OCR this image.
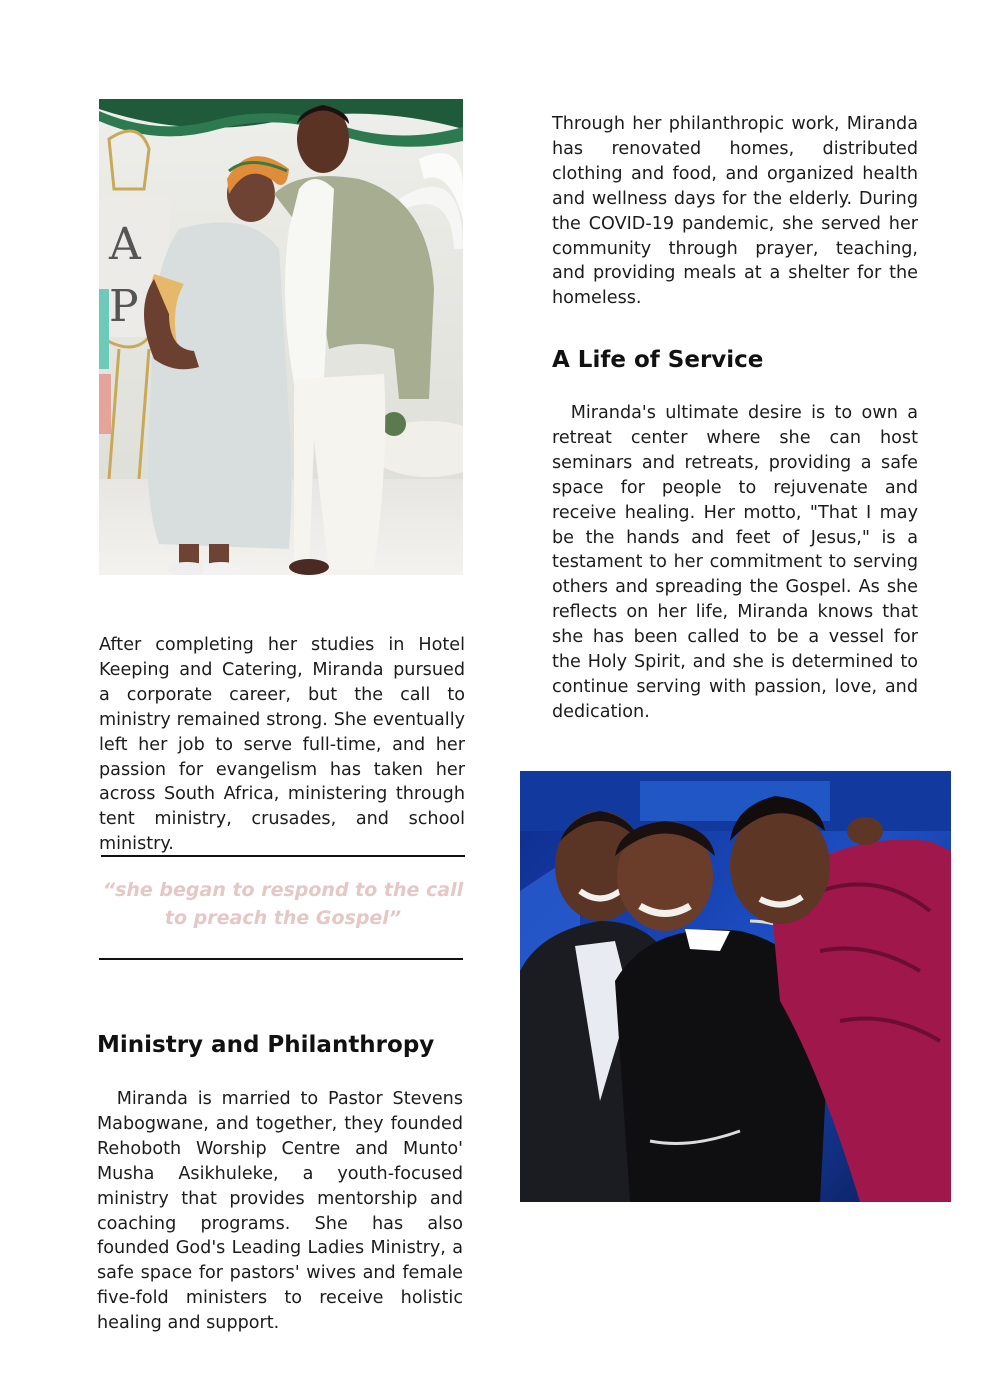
A
P

After completing her studies in Hotel Keeping and Catering, Miranda pursued a corporate career, but the call to ministry remained strong. She eventually left her job to serve full-time, and her passion for evangelism has taken her across South Africa, ministering through tent ministry, crusades, and school ministry.

“she began to respond to the call to preach the Gospel”

Ministry and Philanthropy

Miranda is married to Pastor Stevens Mabogwane, and together, they founded Rehoboth Worship Centre and Munto' Musha Asikhuleke, a youth-focused ministry that provides mentorship and coaching programs. She has also founded God's Leading Ladies Ministry, a safe space for pastors' wives and female five-fold ministers to receive holistic healing and support.

Through her philanthropic work, Miranda has renovated homes, distributed clothing and food, and organized health and wellness days for the elderly. During the COVID-19 pandemic, she served her community through prayer, teaching, and providing meals at a shelter for the homeless.

A Life of Service

Miranda's ultimate desire is to own a retreat center where she can host seminars and retreats, providing a safe space for people to rejuvenate and receive healing. Her motto, "That I may be the hands and feet of Jesus," is a testament to her commitment to serving others and spreading the Gospel. As she reflects on her life, Miranda knows that she has been called to be a vessel for the Holy Spirit, and she is determined to continue serving with passion, love, and dedication.
